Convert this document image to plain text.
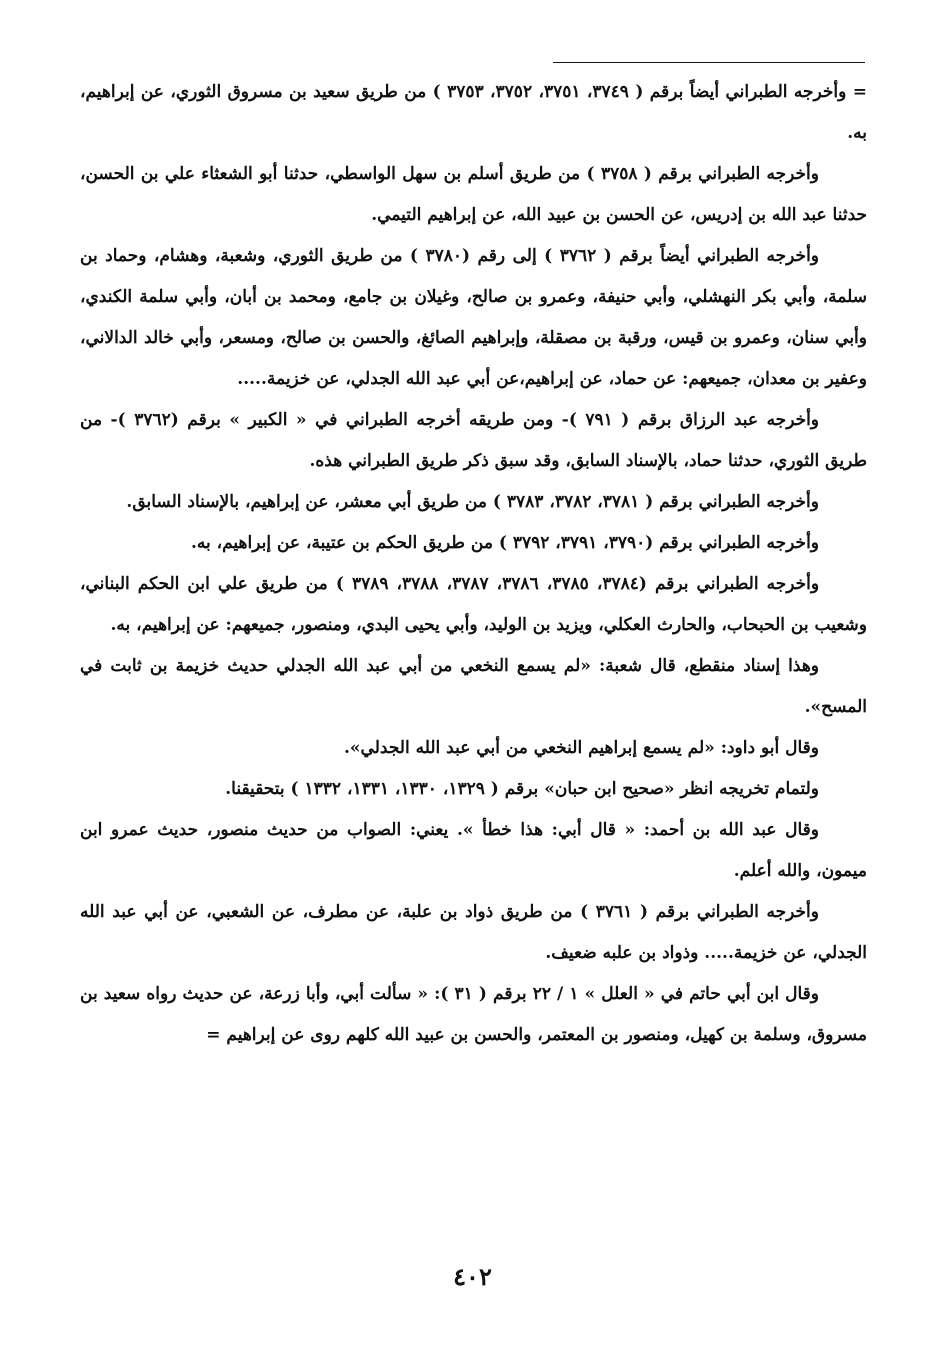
= وأخرجه الطبراني أيضاً برقم ( ٣٧٤٩، ٣٧٥١، ٣٧٥٢، ٣٧٥٣ ) من طريق سعيد بن مسروق الثوري، عن إبراهيم، به.

وأخرجه الطبراني برقم ( ٣٧٥٨ ) من طريق أسلم بن سهل الواسطي، حدثنا أبو الشعثاء علي بن الحسن، حدثنا عبد الله بن إدريس، عن الحسن بن عبيد الله، عن إبراهيم التيمي.

وأخرجه الطبراني أيضاً برقم ( ٣٧٦٢ ) إلى رقم (٣٧٨٠ ) من طريق الثوري، وشعبة، وهشام، وحماد بن سلمة، وأبي بكر النهشلي، وأبي حنيفة، وعمرو بن صالح، وغيلان بن جامع، ومحمد بن أبان، وأبي سلمة الكندي، وأبي سنان، وعمرو بن قيس، ورقبة بن مصقلة، وإبراهيم الصائغ، والحسن بن صالح، ومسعر، وأبي خالد الدالاني، وعفير بن معدان، جميعهم: عن حماد، عن إبراهيم،عن أبي عبد الله الجدلي، عن خزيمة.....

وأخرجه عبد الرزاق برقم ( ٧٩١ )- ومن طريقه أخرجه الطبراني في « الكبير » برقم (٣٧٦٢ )- من طريق الثوري، حدثنا حماد، بالإسناد السابق، وقد سبق ذكر طريق الطبراني هذه.

وأخرجه الطبراني برقم ( ٣٧٨١، ٣٧٨٢، ٣٧٨٣ ) من طريق أبي معشر، عن إبراهيم، بالإسناد السابق.

وأخرجه الطبراني برقم (٣٧٩٠، ٣٧٩١، ٣٧٩٢ ) من طريق الحكم بن عتيبة، عن إبراهيم، به.

وأخرجه الطبراني برقم (٣٧٨٤، ٣٧٨٥، ٣٧٨٦، ٣٧٨٧، ٣٧٨٨، ٣٧٨٩ ) من طريق علي ابن الحكم البناني، وشعيب بن الحبحاب، والحارث العكلي، ويزيد بن الوليد، وأبي يحيى البدي، ومنصور، جميعهم: عن إبراهيم، به.

وهذا إسناد منقطع، قال شعبة: «لم يسمع النخعي من أبي عبد الله الجدلي حديث خزيمة بن ثابت في المسح».

وقال أبو داود: «لم يسمع إبراهيم النخعي من أبي عبد الله الجدلي».

ولتمام تخريجه انظر «صحيح ابن حبان» برقم ( ١٣٢٩، ١٣٣٠، ١٣٣١، ١٣٣٢ ) بتحقيقنا.

وقال عبد الله بن أحمد: « قال أبي: هذا خطأ ». يعني: الصواب من حديث منصور، حديث عمرو ابن ميمون، والله أعلم.

وأخرجه الطبراني برقم ( ٣٧٦١ ) من طريق ذواد بن علبة، عن مطرف، عن الشعبي، عن أبي عبد الله الجدلي، عن خزيمة..... وذواد بن علبه ضعيف.

وقال ابن أبي حاتم في « العلل » ١ / ٢٢ برقم ( ٣١ ): « سألت أبي، وأبا زرعة، عن حديث رواه سعيد بن مسروق، وسلمة بن كهيل، ومنصور بن المعتمر، والحسن بن عبيد الله كلهم روى عن إبراهيم =

٤٠٢
